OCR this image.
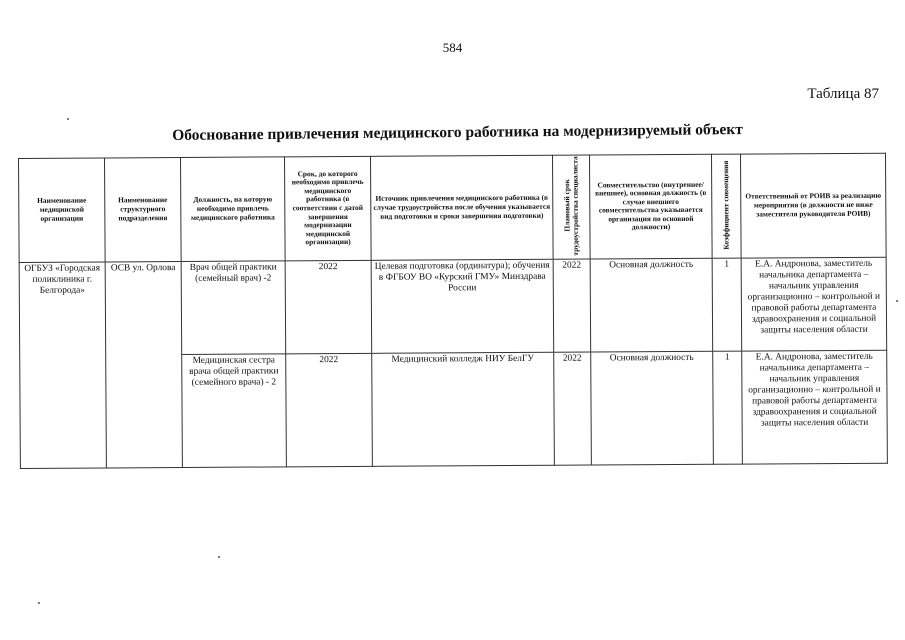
584
Таблица 87
Обоснование привлечения медицинского работника на модернизируемый объект
Наименование медицинской организации	Наименование структурного подразделения	Должность, на которую необходимо привлечь медицинского работника	Срок, до которого необходимо привлечь медицинского работника (в соответствии с датой завершения модернизации медицинской организации)	Источник привлечения медицинского работника (в случае трудоустройства после обучения указывается вид подготовки и сроки завершения подготовки)	Плановый срок трудоустройства специалиста	Совместительство (внутреннее/ внешнее), основная должность (в случае внешнего совместительства указывается организация по основной должности)	Коэффициент совмещения	Ответственный от РОИВ за реализацию мероприятия (в должности не ниже заместителя руководителя РОИВ)
ОГБУЗ «Городская поликлиника г. Белгорода»	ОСВ ул. Орлова	Врач общей практики (семейный врач) -2	2022	Целевая подготовка (ординатура); обучения в ФГБОУ ВО «Курский ГМУ» Минздрава России	2022	Основная должность	1	Е.А. Андронова, заместитель начальника департамента – начальник управления организационно – контрольной и правовой работы департамента здравоохранения и социальной защиты населения области
		Медицинская сестра врача общей практики (семейного врача) - 2	2022	Медицинский колледж НИУ БелГУ	2022	Основная должность	1	Е.А. Андронова, заместитель начальника департамента – начальник управления организационно – контрольной и правовой работы департамента здравоохранения и социальной защиты населения области
